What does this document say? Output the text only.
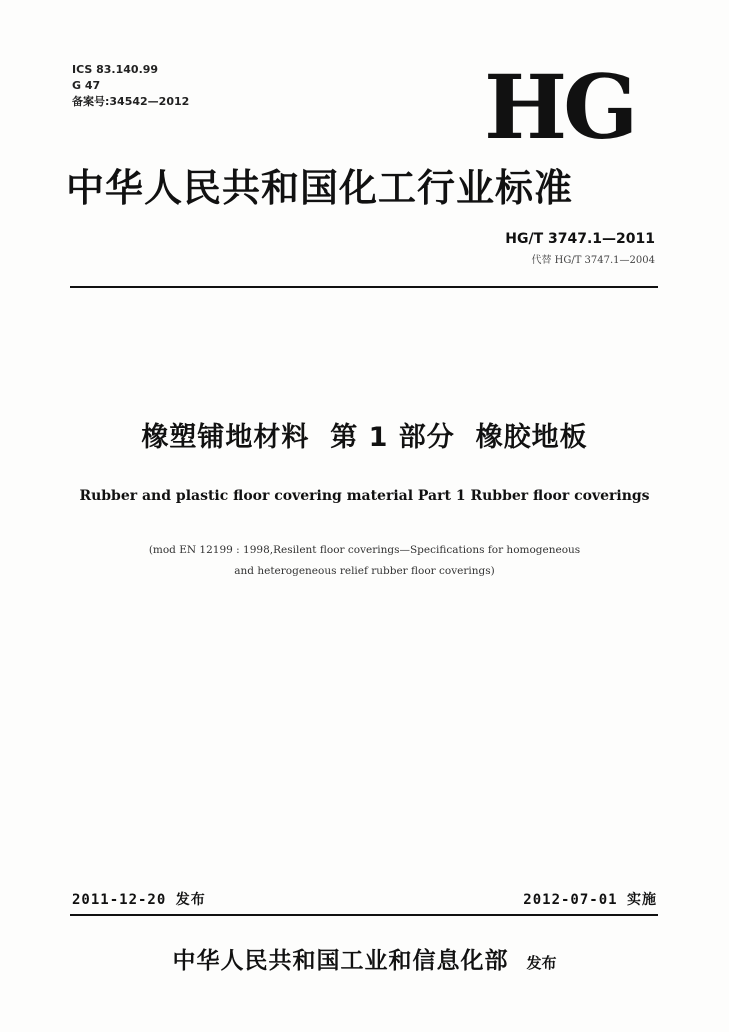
ICS 83.140.99
G 47
备案号:34542—2012	HG
中华人民共和国化工行业标准
HG/T 3747.1—2011
代替 HG/T 3747.1—2004
橡塑铺地材料  第 1 部分  橡胶地板
Rubber and plastic floor covering material Part 1 Rubber floor coverings
(mod EN 12199 : 1998,Resilent floor coverings—Specifications for homogeneous
and heterogeneous relief rubber floor coverings)
2011-12-20 发布	2012-07-01 实施
中华人民共和国工业和信息化部 发布
